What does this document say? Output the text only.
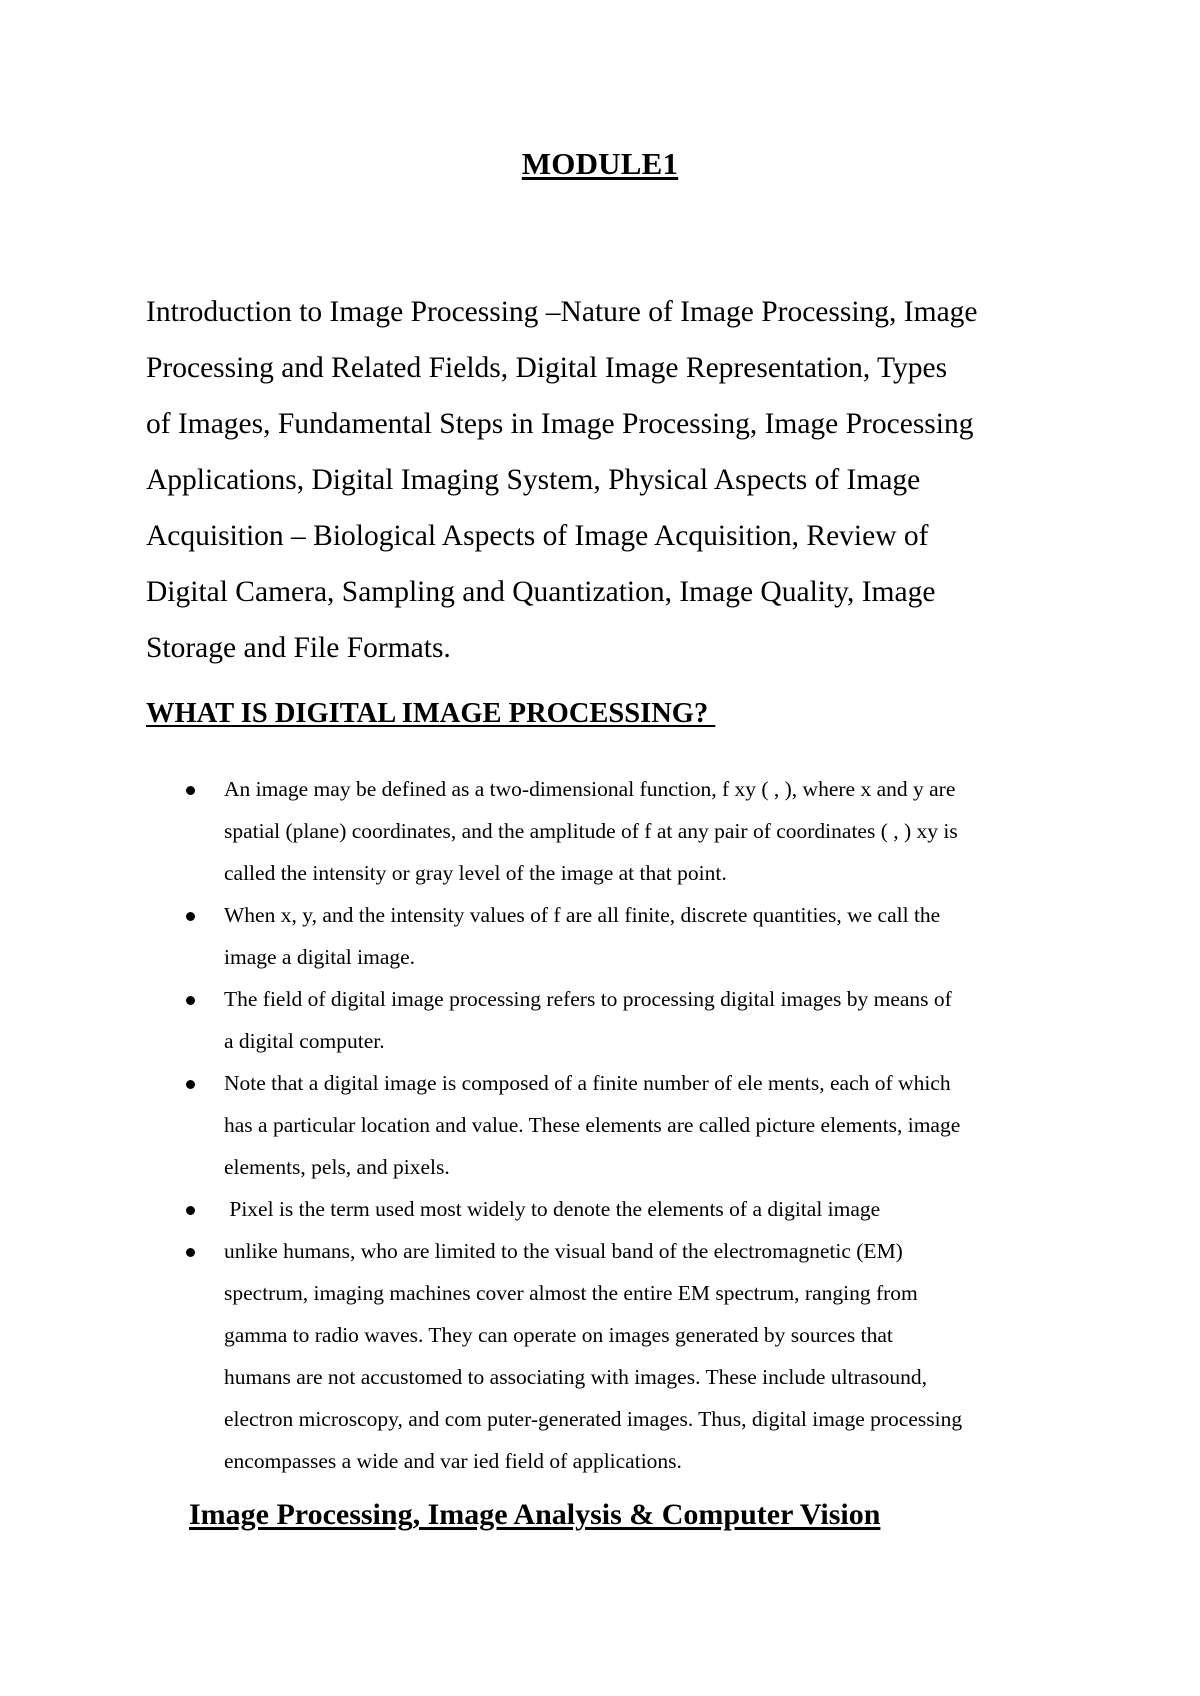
MODULE1

Introduction to Image Processing –Nature of Image Processing, Image
Processing and Related Fields, Digital Image Representation, Types
of Images, Fundamental Steps in Image Processing, Image Processing
Applications, Digital Imaging System, Physical Aspects of Image
Acquisition – Biological Aspects of Image Acquisition, Review of
Digital Camera, Sampling and Quantization, Image Quality, Image
Storage and File Formats.

WHAT IS DIGITAL IMAGE PROCESSING?
An image may be defined as a two-dimensional function, f xy ( , ), where x and y are
spatial (plane) coordinates, and the amplitude of f at any pair of coordinates ( , ) xy is
called the intensity or gray level of the image at that point.
When x, y, and the intensity values of f are all finite, discrete quantities, we call the
image a digital image.
The field of digital image processing refers to processing digital images by means of
a digital computer.
Note that a digital image is composed of a finite number of ele ments, each of which
has a particular location and value. These elements are called picture elements, image
elements, pels, and pixels.
Pixel is the term used most widely to denote the elements of a digital image
unlike humans, who are limited to the visual band of the electromagnetic (EM)
spectrum, imaging machines cover almost the entire EM spectrum, ranging from
gamma to radio waves. They can operate on images generated by sources that
humans are not accustomed to associating with images. These include ultrasound,
electron microscopy, and com puter-generated images. Thus, digital image processing
encompasses a wide and var ied field of applications.
Image Processing, Image Analysis & Computer Vision
